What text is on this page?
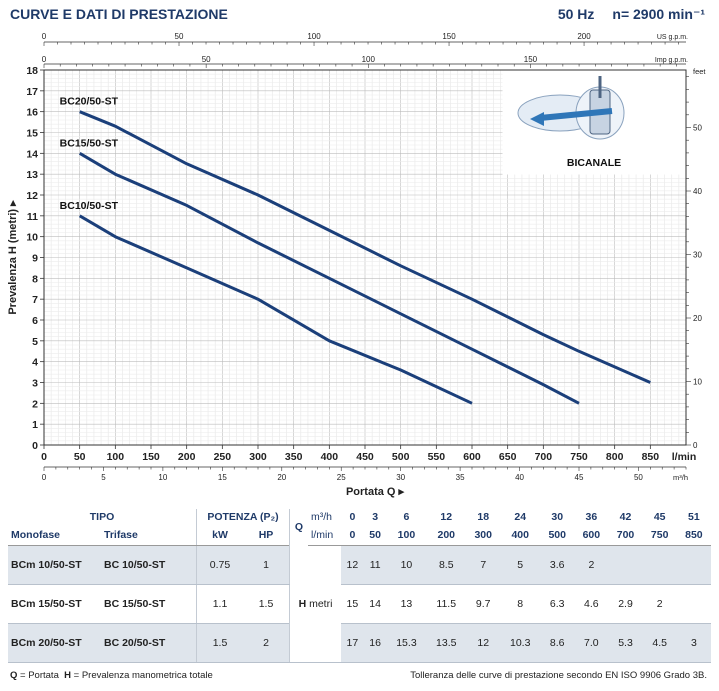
CURVE E DATI DI PRESTAZIONE	50 Hz n= 2900 min⁻¹
0	50	100	150	200	US g.p.m.
0	50	100	150	Imp g.p.m.
0
1
2
3
4
5
6
7
8
9
10
11
12
13
14
15
16
17
18
Prevalenza H (metri) ▸
0
10
20
30
40
50
feet
0	50 100 150 200 250 300 350 400 450 500 550 600 650 700 750 800 850 l/min
0	5	10	15	20	25	30	35	40	45	50	m³/h
Portata Q ▸
BICANALE
BC10/50-ST
BC15/50-ST
BC20/50-ST
TIPO		POTENZA (P₂)		Q	m³/h	0	3	6	12	18	24	30	36	42	45	51
Monofase	Trifase	kW	HP		l/min	0	50	100	200	300	400	500	600	700	750	850
BCm 10/50-ST	BC 10/50-ST	0.75	1	H metri		12	11	10	8.5	7	5	3.6	2			
BCm 15/50-ST	BC 15/50-ST	1.1	1.5			15	14	13	11.5	9.7	8	6.3	4.6	2.9	2	
BCm 20/50-ST	BC 20/50-ST	1.5	2			17	16	15.3	13.5	12	10.3	8.6	7.0	5.3	4.5	3
Q = Portata H = Prevalenza manometrica totale	Tolleranza delle curve di prestazione secondo EN ISO 9906 Grado 3B.
